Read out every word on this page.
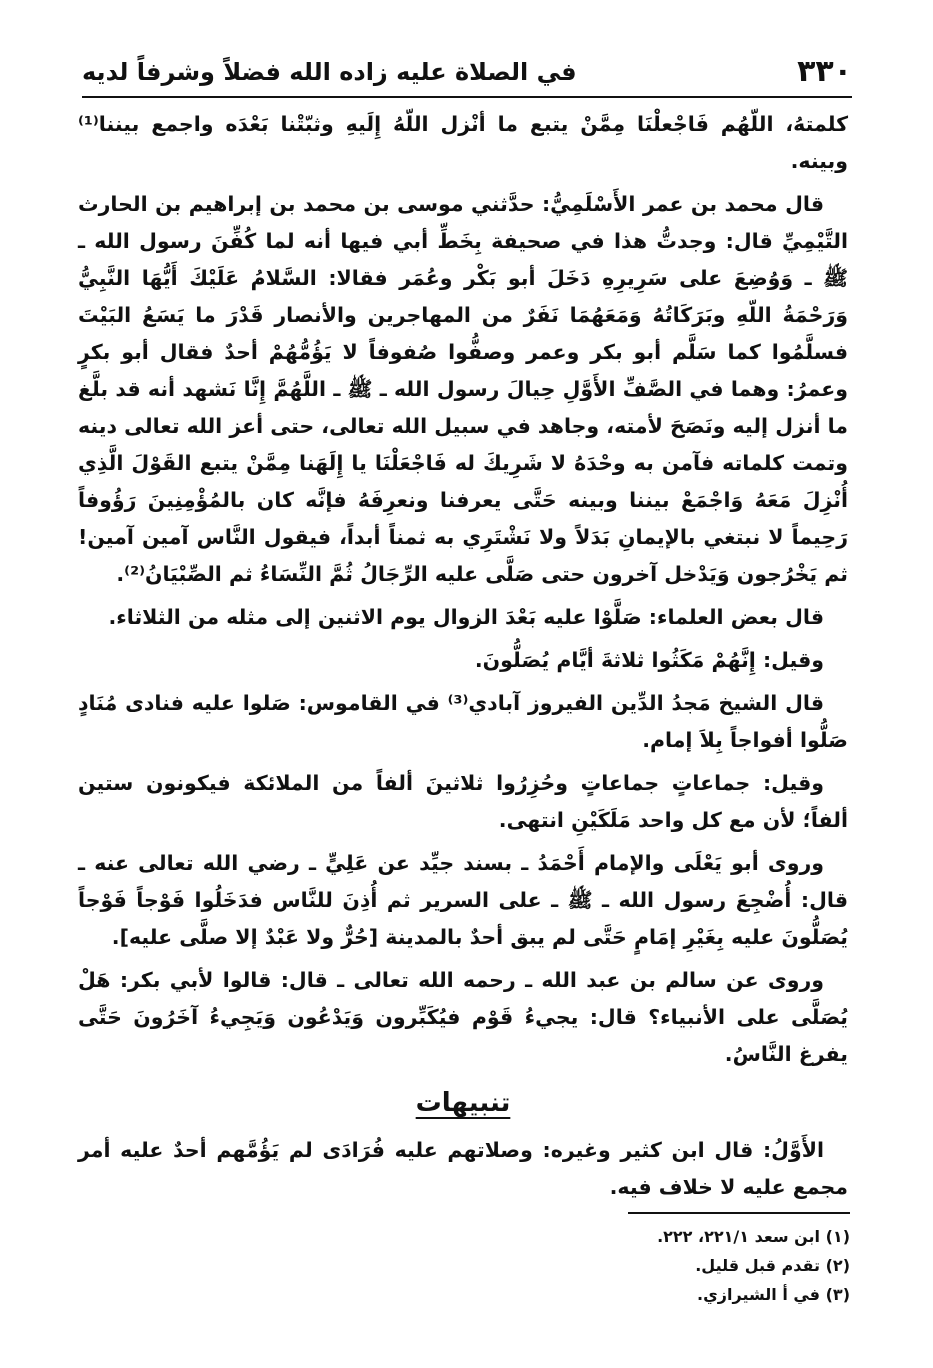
٣٣٠
في الصلاة عليه زاده الله فضلاً وشرفاً لديه

كلمتهُ، اللّهُم فَاجْعلْنَا مِمَّنْ يتبع ما أنْزل اللّهُ إِلَيهِ وثبّتْنا بَعْدَه واجمع بيننا⁽¹⁾ وبينه.

قال محمد بن عمر الأَسْلَمِيُّ: حدَّثني موسى بن محمد بن إبراهيم بن الحارث التَّيْمِيِّ قال: وجدتُّ هذا في صحيفة بِخَطِّ أبي فيها أنه لما كُفِّنَ رسول الله ـ ﷺ ـ وَوُضِعَ على سَرِيرِهِ دَخَلَ أبو بَكْر وعُمَر فقالا: السَّلامُ عَلَيْكَ أَيُّهَا النَّبِيُّ وَرَحْمَةُ اللّهِ وبَرَكَاتُهُ وَمَعَهُمَا نَفَرٌ من المهاجرين والأنصار قَدْرَ ما يَسَعُ البَيْتَ فسلَّمُوا كما سَلَّم أبو بكر وعمر وصفُّوا صُفوفاً لا يَؤُمُّهُمْ أحدٌ فقال أبو بكرٍ وعمرُ: وهما في الصَّفِّ الأَوَّلِ حِيالَ رسول الله ـ ﷺ ـ اللَّهُمَّ إِنَّا نَشهد أنه قد بلَّغ ما أنزل إليه ونَصَحَ لأمته، وجاهد في سبيل الله تعالى، حتى أعز الله تعالى دينه وتمت كلماته فآمن به وحْدَهُ لا شَرِيكَ له فَاجْعَلْنَا يا إِلَهَنا مِمَّنْ يتبع القَوْلَ الَّذِي أُنْزِلَ مَعَهُ وَاجْمَعْ بيننا وبينه حَتَّى يعرفنا ونعرِفَهُ فإنَّه كان بالمُؤْمِنِينَ رَؤُوفاً رَحِيماً لا نبتغي بالإيمانِ بَدَلاً ولا نَشْتَرِي به ثمناً أبداً، فيقول النَّاس آمين آمين! ثم يَخْرُجون وَيَدْخل آخرون حتى صَلَّى عليه الرِّجَالُ ثُمَّ النِّسَاءُ ثم الصِّبْيَانُ⁽²⁾.

قال بعض العلماء: صَلَّوْا عليه بَعْدَ الزوال يوم الاثنين إلى مثله من الثلاثاء.

وقيل: إِنَّهُمْ مَكَثُوا ثلاثةَ أيَّام يُصَلُّونَ.

قال الشيخ مَجدُ الدِّين الفيروز آبادي⁽³⁾ في القاموس: صَلوا عليه فنادى مُنَادٍ صَلُّوا أفواجاً بِلاَ إمام.

وقيل: جماعاتٍ جماعاتٍ وحُزِرُوا ثلاثينَ ألفاً من الملائكة فيكونون ستين ألفاً؛ لأن مع كل واحد مَلَكَيْنِ انتهى.

وروى أبو يَعْلَى والإمام أَحْمَدُ ـ بسند جيِّد عن عَلِيٍّ ـ رضي الله تعالى عنه ـ قال: أُضْجِعَ رسول الله ـ ﷺ ـ على السرير ثم أُذِنَ للنَّاس فدَخَلُوا فَوْجاً فَوْجاً يُصَلُّونَ عليه بِغَيْرِ إمَامٍ حَتَّى لم يبق أحدٌ بالمدينة [حُرٌّ ولا عَبْدٌ إلا صلَّى عليه].

وروى عن سالم بن عبد الله ـ رحمه الله تعالى ـ قال: قالوا لأبي بكر: هَلْ يُصَلَّى على الأنبياء؟ قال: يجيءُ قَوْم فيُكَبِّرون وَيَدْعُون وَيَجِيءُ آخَرُونَ حَتَّى يفرغ النَّاسُ.

تنبيهات

الأَوَّلُ: قال ابن كثير وغيره: وصلاتهم عليه فُرَادَى لم يَؤُمَّهم أحدٌ عليه أمر مجمع عليه لا خلاف فيه.

(١) ابن سعد ٢٢١/١، ٢٢٢.
(٢) تقدم قبل قليل.
(٣) في أ الشيرازي.
